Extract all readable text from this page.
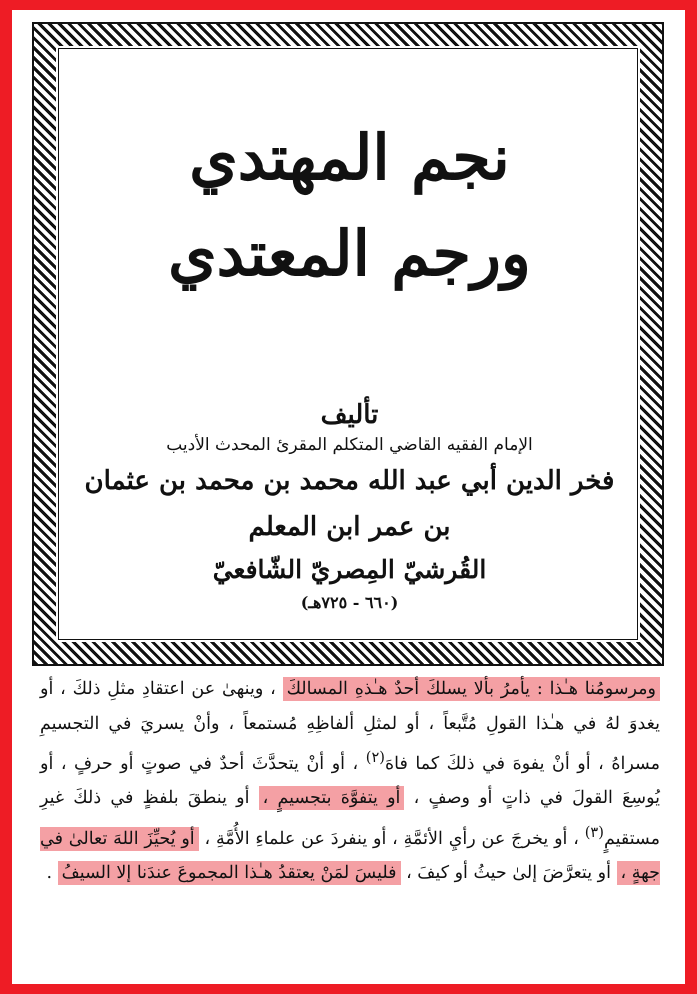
نجم المهتدي

ورجم المعتدي

تأليف
الإمام الفقيه القاضي المتكلم المقرئ المحدث الأديب
فخر الدين أبي عبد الله محمد بن محمد بن عثمان بن عمر ابن المعلم
القُرشيّ المِصريّ الشّافعيّ
(٦٦٠ - ٧٢٥هـ)
ومرسومُنا هـٰذا : يأمرُ بألا يسلكَ أحدٌ هـٰذهِ المسالكَ ، وينهىٰ عن اعتقادِ مثلِ ذلكَ ، أو يغدوَ لهُ في هـٰذا القولِ مُتَّبعاً ، أو لمثلِ ألفاظِهِ مُستمعاً ، وأنْ يسريَ في التجسيمِ مسراهُ ، أو أنْ يفوهَ في ذلكَ كما فاهَ$^{(٢)}$ ، أو أنْ يتحدَّثَ أحدٌ في صوتٍ أو حرفٍ ، أو يُوسِعَ القولَ في ذاتٍ أو وصفٍ ، أو يتفوَّهَ بتجسيمٍ ، أو ينطقَ بلفظٍ في ذلكَ غيرِ مستقيمٍ$^{(٣)}$ ، أو يخرجَ عن رأيِ الأئمَّةِ ، أو ينفردَ عن علماءِ الأُمَّةِ ، أو يُحيِّزَ اللهَ تعالىٰ في جهةٍ ، أو يتعرَّضَ إلىٰ حيثُ أو كيفَ ، فليسَ لمَنْ يعتقدُ هـٰذا المجموعَ عندَنا إلا السيفُ .
